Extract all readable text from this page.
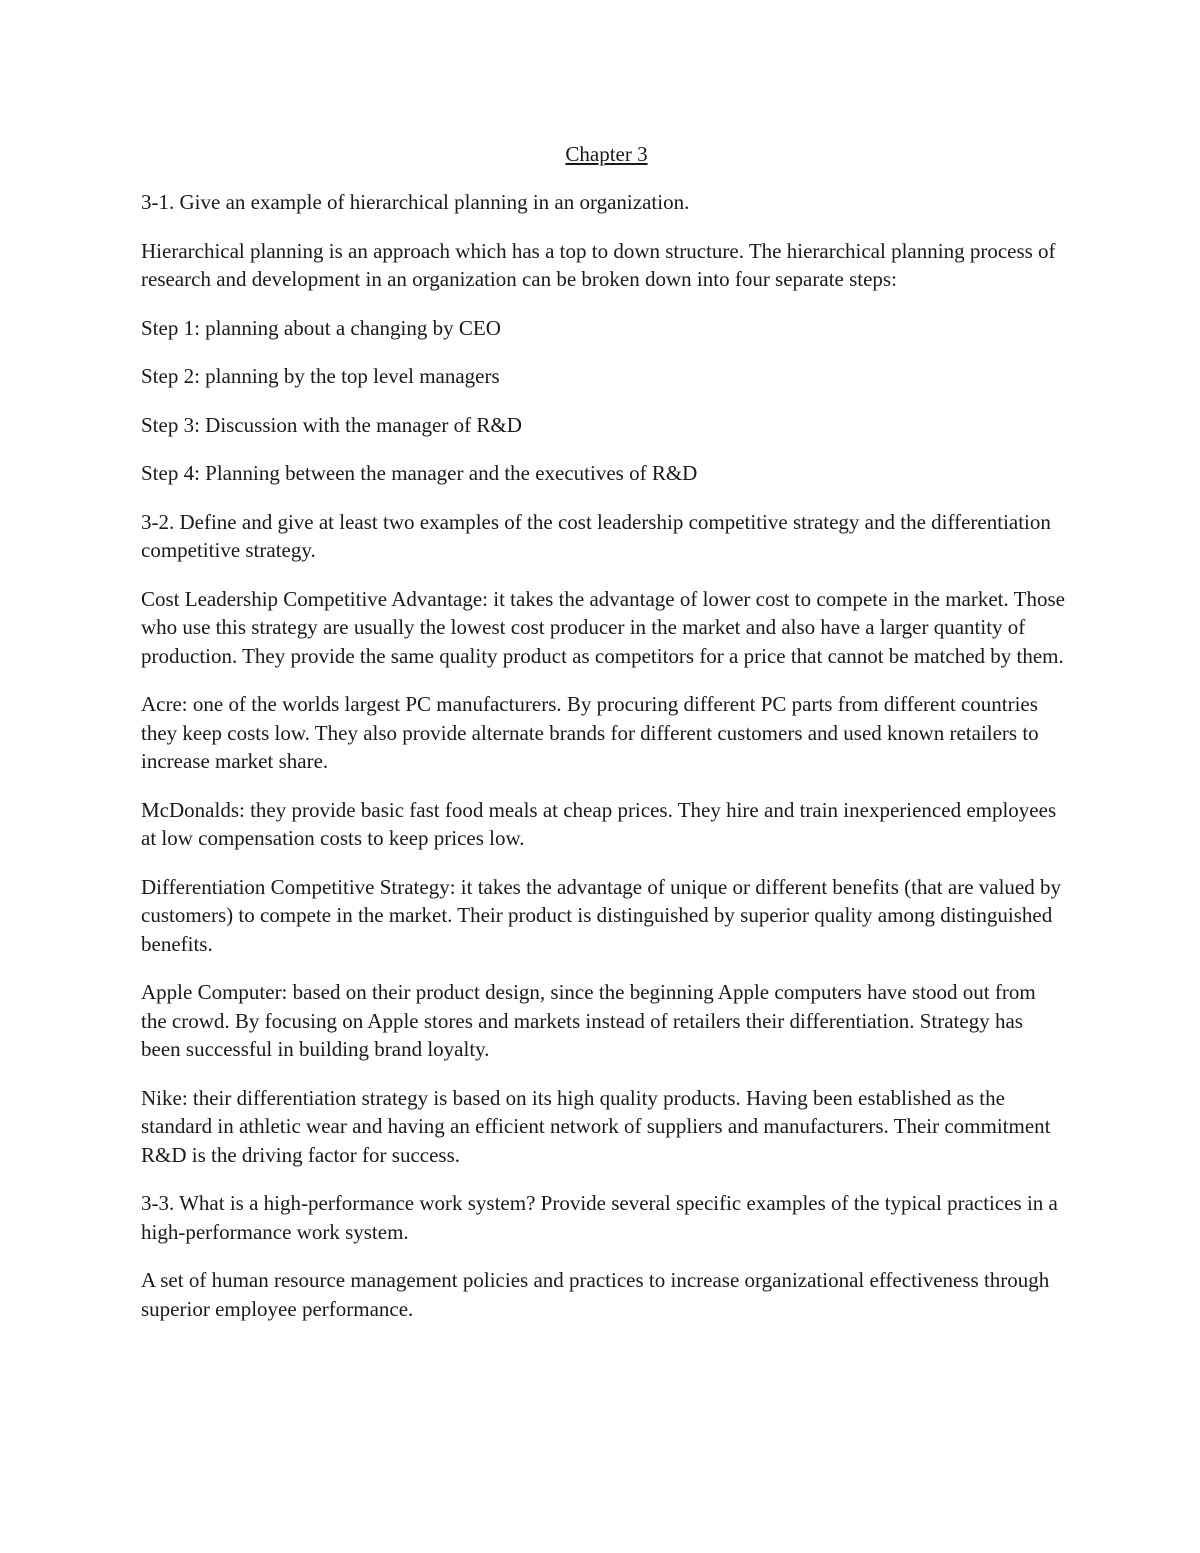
Chapter 3

3-1. Give an example of hierarchical planning in an organization.

Hierarchical planning is an approach which has a top to down structure. The hierarchical planning process of research and development in an organization can be broken down into four separate steps:

Step 1: planning about a changing by CEO

Step 2: planning by the top level managers

Step 3: Discussion with the manager of R&D

Step 4: Planning between the manager and the executives of R&D

3-2. Define and give at least two examples of the cost leadership competitive strategy and the differentiation competitive strategy.

Cost Leadership Competitive Advantage: it takes the advantage of lower cost to compete in the market. Those who use this strategy are usually the lowest cost producer in the market and also have a larger quantity of production. They provide the same quality product as competitors for a price that cannot be matched by them.

Acre: one of the worlds largest PC manufacturers. By procuring different PC parts from different countries they keep costs low. They also provide alternate brands for different customers and used known retailers to increase market share.

McDonalds: they provide basic fast food meals at cheap prices. They hire and train inexperienced employees at low compensation costs to keep prices low.

Differentiation Competitive Strategy: it takes the advantage of unique or different benefits (that are valued by customers) to compete in the market. Their product is distinguished by superior quality among distinguished benefits.

Apple Computer: based on their product design, since the beginning Apple computers have stood out from the crowd. By focusing on Apple stores and markets instead of retailers their differentiation. Strategy has been successful in building brand loyalty.

Nike: their differentiation strategy is based on its high quality products. Having been established as the standard in athletic wear and having an efficient network of suppliers and manufacturers. Their commitment R&D is the driving factor for success.

3-3. What is a high-performance work system? Provide several specific examples of the typical practices in a high-performance work system.

A set of human resource management policies and practices to increase organizational effectiveness through superior employee performance.
